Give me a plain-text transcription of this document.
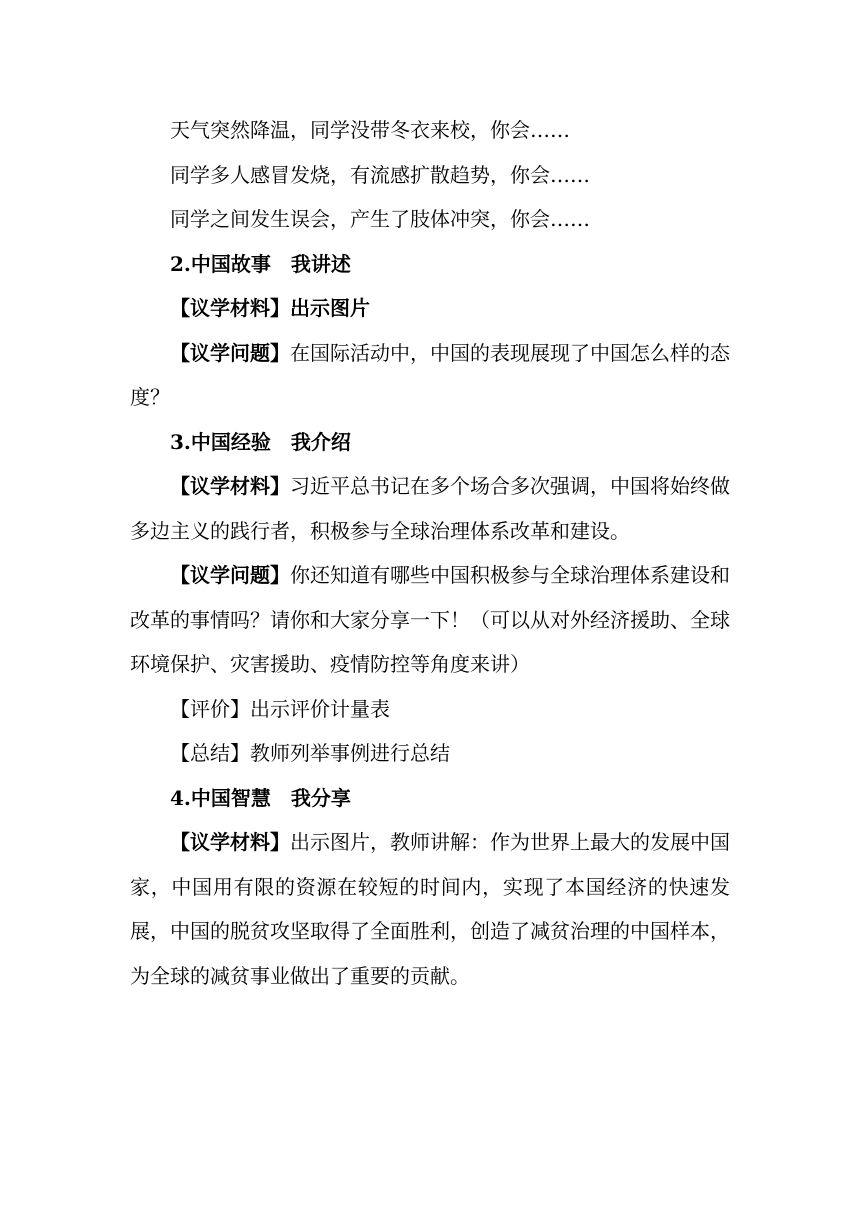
天气突然降温，同学没带冬衣来校，你会……

同学多人感冒发烧，有流感扩散趋势，你会……

同学之间发生误会，产生了肢体冲突，你会……

2.中国故事 我讲述

【议学材料】出示图片

【议学问题】在国际活动中，中国的表现展现了中国怎么样的态度？

3.中国经验 我介绍

【议学材料】习近平总书记在多个场合多次强调，中国将始终做多边主义的践行者，积极参与全球治理体系改革和建设。

【议学问题】你还知道有哪些中国积极参与全球治理体系建设和改革的事情吗？请你和大家分享一下！（可以从对外经济援助、全球环境保护、灾害援助、疫情防控等角度来讲）

【评价】出示评价计量表

【总结】教师列举事例进行总结

4.中国智慧 我分享

【议学材料】出示图片，教师讲解：作为世界上最大的发展中国家，中国用有限的资源在较短的时间内，实现了本国经济的快速发展，中国的脱贫攻坚取得了全面胜利，创造了减贫治理的中国样本，为全球的减贫事业做出了重要的贡献。
